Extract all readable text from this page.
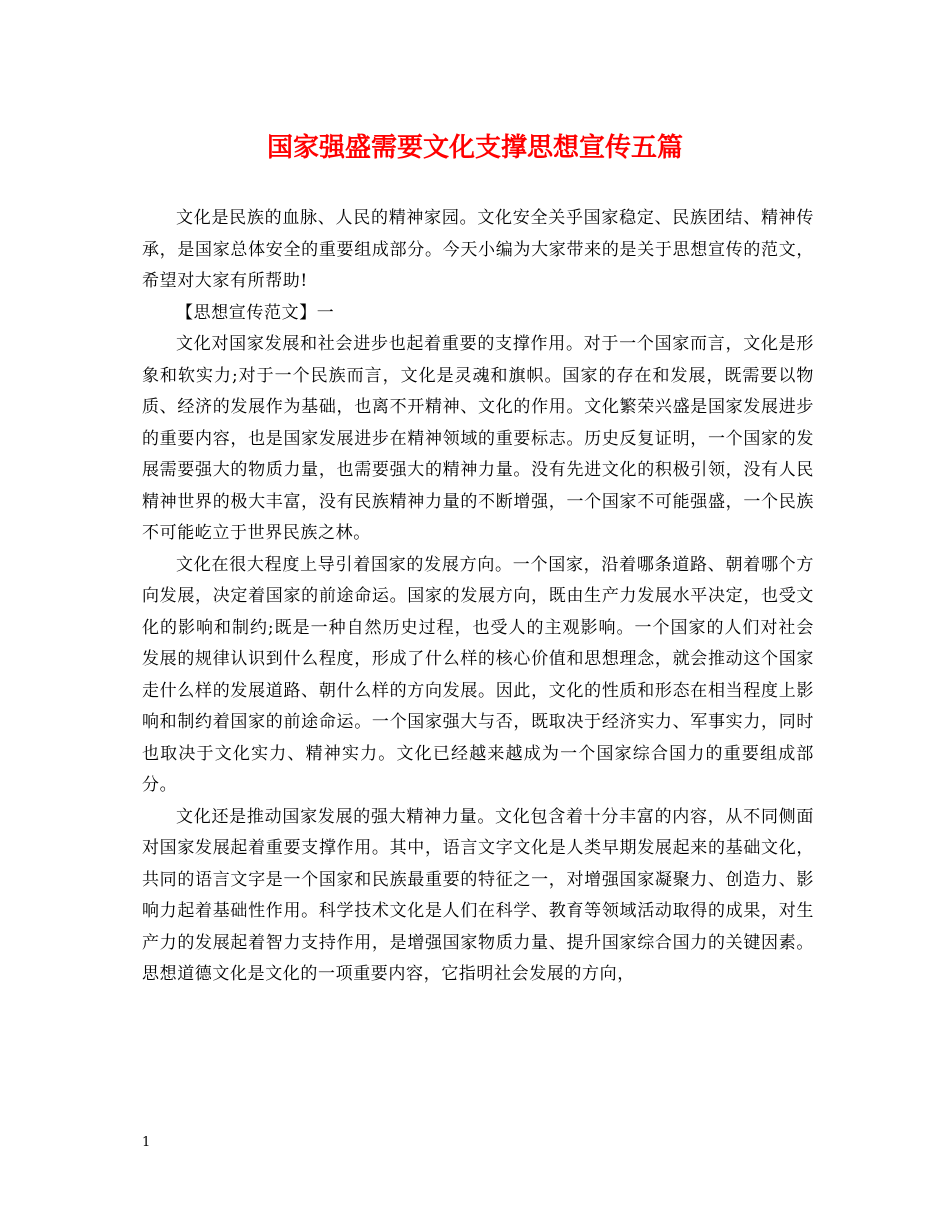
国家强盛需要文化支撑思想宣传五篇

文化是民族的血脉、人民的精神家园。文化安全关乎国家稳定、民族团结、精神传承，是国家总体安全的重要组成部分。今天小编为大家带来的是关于思想宣传的范文，希望对大家有所帮助!

【思想宣传范文】一

文化对国家发展和社会进步也起着重要的支撑作用。对于一个国家而言，文化是形象和软实力;对于一个民族而言，文化是灵魂和旗帜。国家的存在和发展，既需要以物质、经济的发展作为基础，也离不开精神、文化的作用。文化繁荣兴盛是国家发展进步的重要内容，也是国家发展进步在精神领域的重要标志。历史反复证明，一个国家的发展需要强大的物质力量，也需要强大的精神力量。没有先进文化的积极引领，没有人民精神世界的极大丰富，没有民族精神力量的不断增强，一个国家不可能强盛，一个民族不可能屹立于世界民族之林。

文化在很大程度上导引着国家的发展方向。一个国家，沿着哪条道路、朝着哪个方向发展，决定着国家的前途命运。国家的发展方向，既由生产力发展水平决定，也受文化的影响和制约;既是一种自然历史过程，也受人的主观影响。一个国家的人们对社会发展的规律认识到什么程度，形成了什么样的核心价值和思想理念，就会推动这个国家走什么样的发展道路、朝什么样的方向发展。因此，文化的性质和形态在相当程度上影响和制约着国家的前途命运。一个国家强大与否，既取决于经济实力、军事实力，同时也取决于文化实力、精神实力。文化已经越来越成为一个国家综合国力的重要组成部分。

文化还是推动国家发展的强大精神力量。文化包含着十分丰富的内容，从不同侧面对国家发展起着重要支撑作用。其中，语言文字文化是人类早期发展起来的基础文化，共同的语言文字是一个国家和民族最重要的特征之一，对增强国家凝聚力、创造力、影响力起着基础性作用。科学技术文化是人们在科学、教育等领域活动取得的成果，对生产力的发展起着智力支持作用，是增强国家物质力量、提升国家综合国力的关键因素。思想道德文化是文化的一项重要内容，它指明社会发展的方向，

1
